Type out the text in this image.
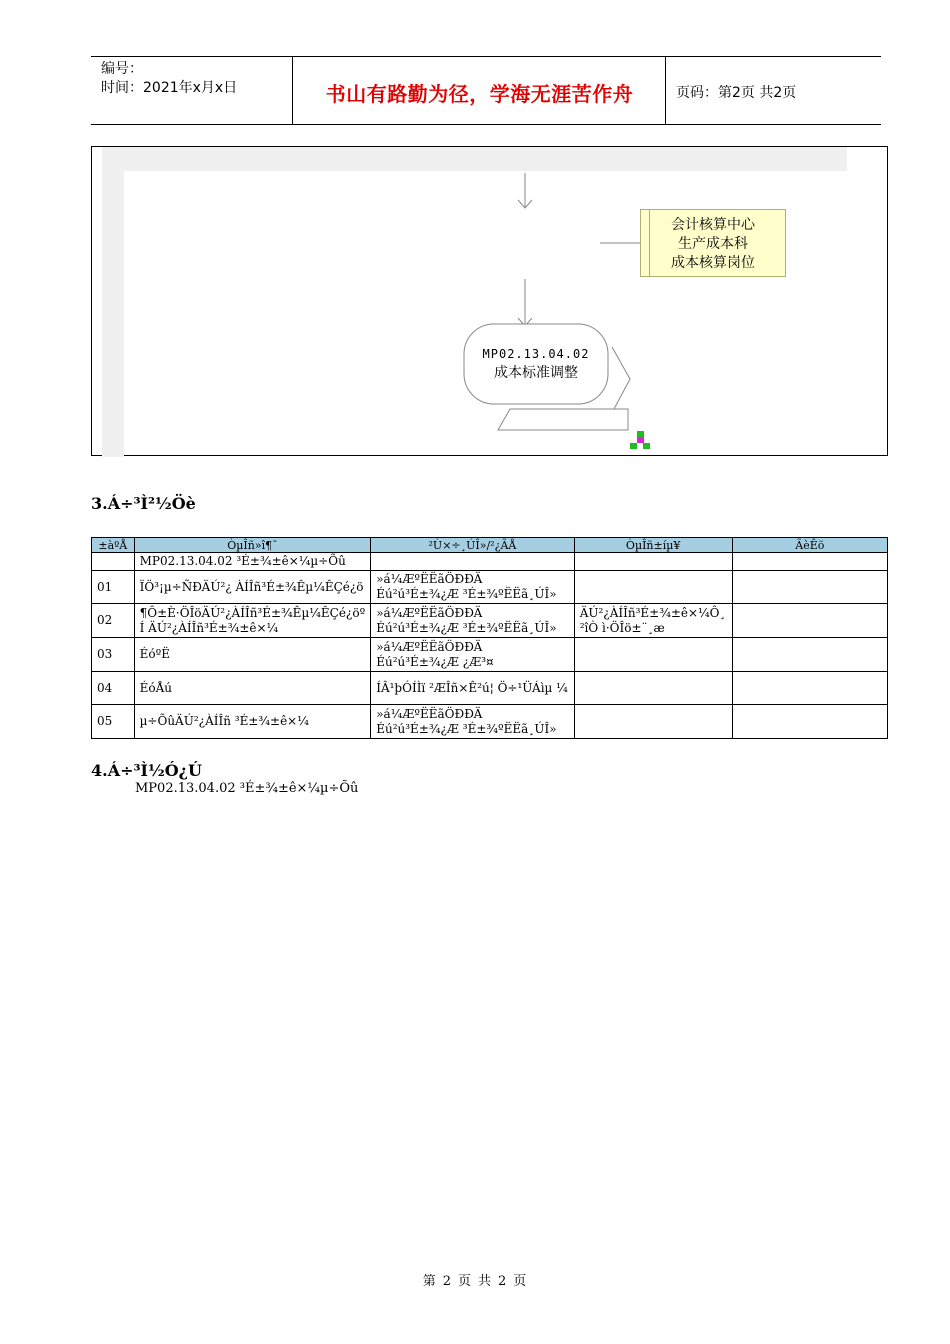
编号：
时间：2021年x月x日	书山有路勤为径，学海无涯苦作舟	页码：第2页 共2页
会计核算中心
生产成本科
成本核算岗位
MP02.13.04.02
成本标准调整
3.Á÷³Ì²½Öè
±àºÅ	ÒµÎñ»î¶¯	²Ù×÷¸ÚÎ»/²¿ÃÅ	ÒµÎñ±íµ¥	ÃèÊö
	MP02.13.04.02 ³É±¾±ê×¼µ÷Õû			
01	ÏÖ³¡µ÷ÑÐÄÚ²¿ ÀÍÎñ³É±¾Êµ¼ÊÇé¿ö	»á¼ÆºËËãÖÐÐÄ Éú²ú³É±¾¿Æ ³É±¾ºËËã¸ÚÎ»		
02	¶Ô±È·ÖÎöÄÚ²¿ÀÍÎñ³É±¾Êµ¼ÊÇé¿öº Í ÄÚ²¿ÀÍÎñ³É±¾±ê×¼	»á¼ÆºËËãÖÐÐÄ Éú²ú³É±¾¿Æ ³É±¾ºËËã¸ÚÎ»	ÄÚ²¿ÀÍÎñ³É±¾±ê×¼Ô¸ ²îÒ ì·ÖÎö±¨¸æ	
03	ÉóºË	»á¼ÆºËËãÖÐÐÄ Éú²ú³É±¾¿Æ ¿Æ³¤		
04	ÉóÅú	ÍÂ¹þÓÍÌï ²ÆÎñ×Ê²ú¦ Ö÷¹ÜÁìµ ¼		
05	µ÷ÕûÄÚ²¿ÀÍÎñ ³É±¾±ê×¼	»á¼ÆºËËãÖÐÐÄ Éú²ú³É±¾¿Æ ³É±¾ºËËã¸ÚÎ»		
4.Á÷³Ì½Ó¿Ú
MP02.13.04.02 ³É±¾±ê×¼µ÷Õû
第 2 页 共 2 页
